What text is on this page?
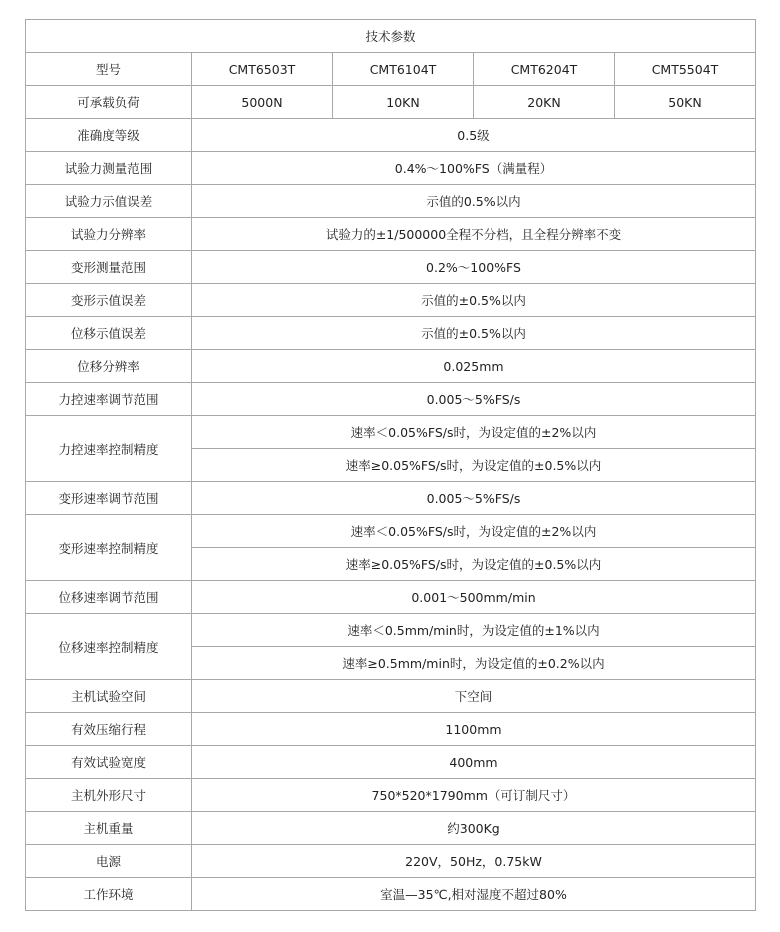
技术参数				
型号	CMT6503T	CMT6104T	CMT6204T	CMT5504T
可承载负荷	5000N	10KN	20KN	50KN
准确度等级	0.5级			
试验力测量范围	0.4%～100%FS（满量程）			
试验力示值误差	示值的0.5%以内			
试验力分辨率	试验力的±1/500000全程不分档，且全程分辨率不变			
变形测量范围	0.2%～100%FS			
变形示值误差	示值的±0.5%以内			
位移示值误差	示值的±0.5%以内			
位移分辨率	0.025mm			
力控速率调节范围	0.005～5%FS/s			
力控速率控制精度	速率＜0.05%FS/s时，为设定值的±2%以内			
	速率≥0.05%FS/s时，为设定值的±0.5%以内			
变形速率调节范围	0.005～5%FS/s			
变形速率控制精度	速率＜0.05%FS/s时，为设定值的±2%以内			
	速率≥0.05%FS/s时，为设定值的±0.5%以内			
位移速率调节范围	0.001～500mm/min			
位移速率控制精度	速率＜0.5mm/min时，为设定值的±1%以内			
	速率≥0.5mm/min时，为设定值的±0.2%以内			
主机试验空间	下空间			
有效压缩行程	1100mm			
有效试验宽度	400mm			
主机外形尺寸	750*520*1790mm（可订制尺寸）			
主机重量	约300Kg			
电源	220V，50Hz，0.75kW			
工作环境	室温—35℃,相对湿度不超过80%			
